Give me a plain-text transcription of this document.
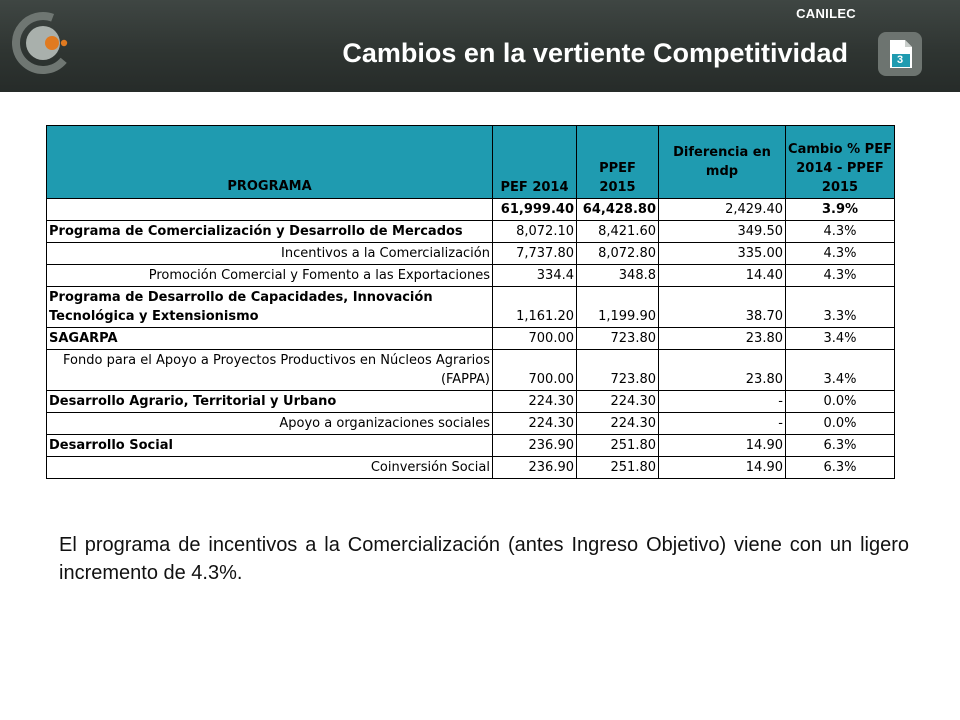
CANILEC
Cambios en la vertiente Competitividad	3
PROGRAMA	PEF 2014	PPEF 2015	Diferencia en mdp	Cambio % PEF 2014 - PPEF 2015
	61,999.40	64,428.80	2,429.40	3.9%
Programa de Comercialización y Desarrollo de Mercados	8,072.10	8,421.60	349.50	4.3%
Incentivos a la Comercialización	7,737.80	8,072.80	335.00	4.3%
Promoción Comercial y Fomento a las Exportaciones	334.4	348.8	14.40	4.3%
Programa de Desarrollo de Capacidades, Innovación Tecnológica y Extensionismo	1,161.20	1,199.90	38.70	3.3%
SAGARPA	700.00	723.80	23.80	3.4%
Fondo para el Apoyo a Proyectos Productivos en Núcleos Agrarios (FAPPA)	700.00	723.80	23.80	3.4%
Desarrollo Agrario, Territorial y Urbano	224.30	224.30	-	0.0%
Apoyo a organizaciones sociales	224.30	224.30	-	0.0%
Desarrollo Social	236.90	251.80	14.90	6.3%
Coinversión Social	236.90	251.80	14.90	6.3%
El programa de incentivos a la Comercialización (antes Ingreso Objetivo) viene con un ligero incremento de 4.3%.
